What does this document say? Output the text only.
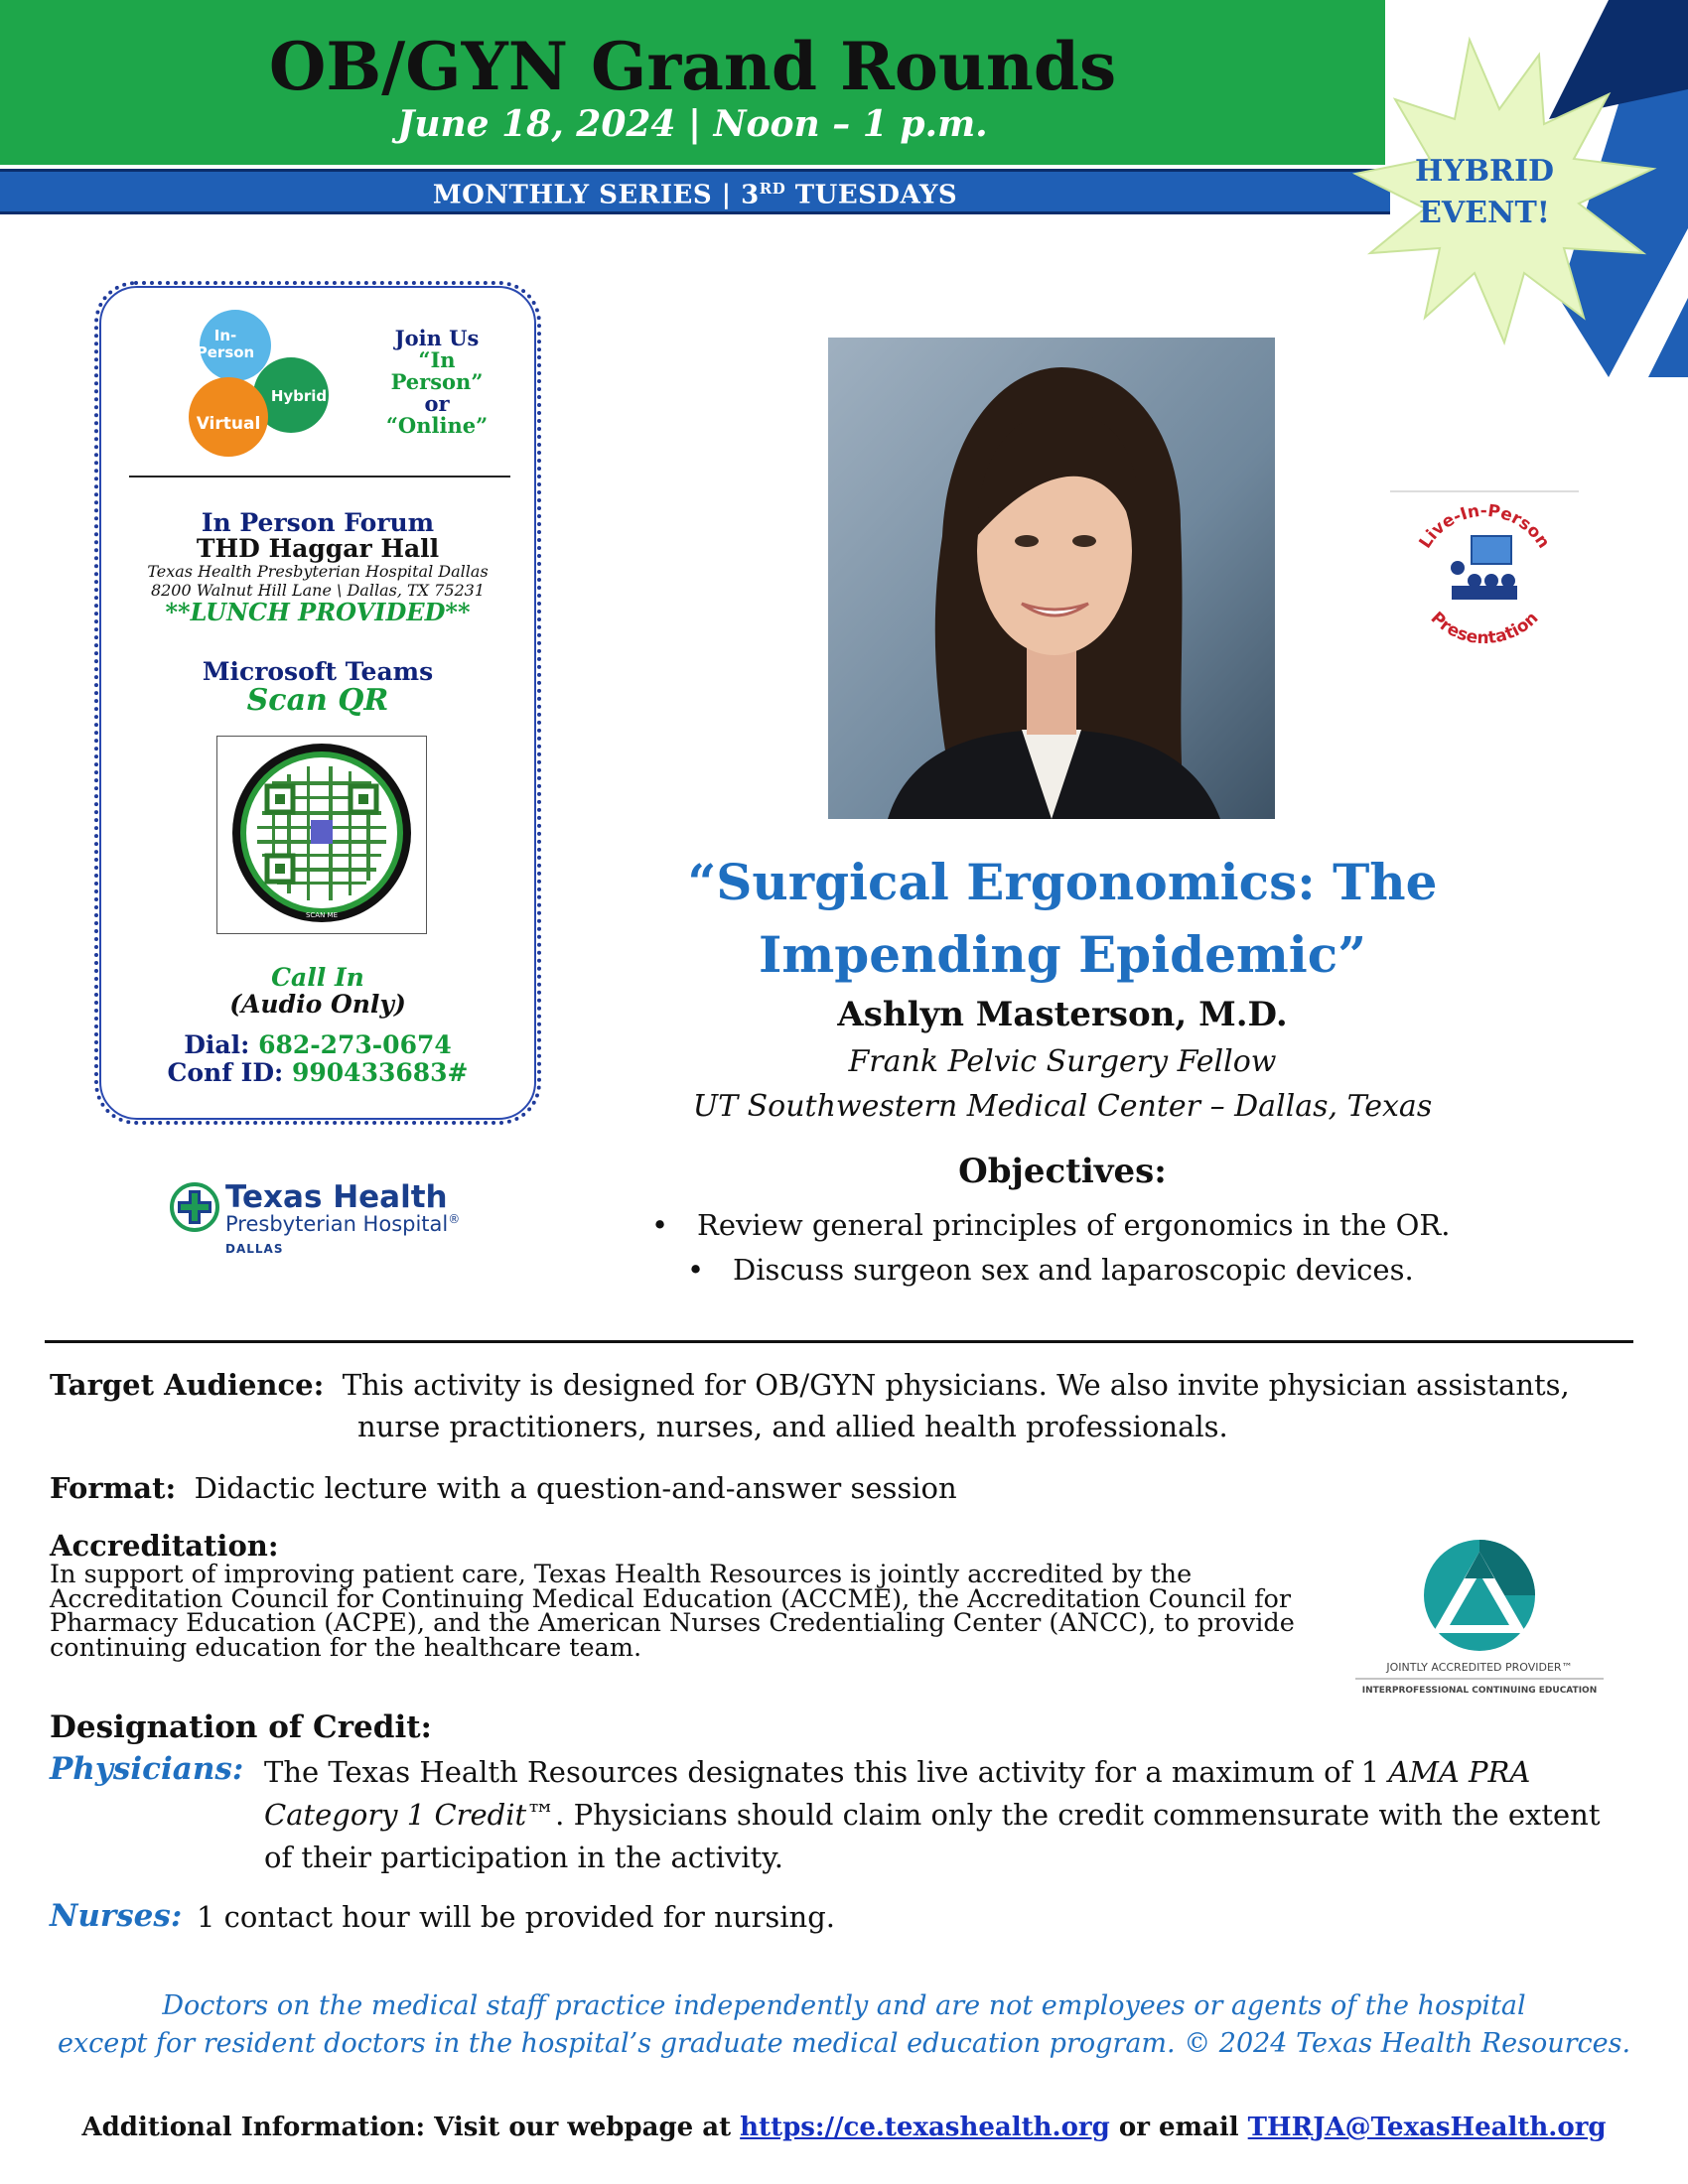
OB/GYN Grand Rounds
June 18, 2024 | Noon – 1 p.m.
MONTHLY SERIES | 3RD TUESDAYS
HYBRID
EVENT!
In-
Person
Hybrid
Virtual
Join Us
“In
Person”
or
“Online”
In Person Forum
THD Haggar Hall
Texas Health Presbyterian Hospital Dallas
8200 Walnut Hill Lane \ Dallas, TX 75231
**LUNCH PROVIDED**
Microsoft Teams
Scan QR
SCAN ME
Call In
(Audio Only)
Dial: 682-273-0674
Conf ID: 990433683#
Texas Health
Presbyterian Hospital®
DALLAS
Live-In-Person
Presentation
“Surgical Ergonomics: The
Impending Epidemic”
Ashlyn Masterson, M.D.
Frank Pelvic Surgery Fellow
UT Southwestern Medical Center – Dallas, Texas
Objectives:
• Review general principles of ergonomics in the OR.
• Discuss surgeon sex and laparoscopic devices.
Target Audience: This activity is designed for OB/GYN physicians. We also invite physician assistants,
nurse practitioners, nurses, and allied health professionals.
Format: Didactic lecture with a question-and-answer session
Accreditation:
In support of improving patient care, Texas Health Resources is jointly accredited by the Accreditation Council for Continuing Medical Education (ACCME), the Accreditation Council for Pharmacy Education (ACPE), and the American Nurses Credentialing Center (ANCC), to provide continuing education for the healthcare team.
JOINTLY ACCREDITED PROVIDER™
INTERPROFESSIONAL CONTINUING EDUCATION
Designation of Credit:
Physicians: The Texas Health Resources designates this live activity for a maximum of 1 AMA PRA Category 1 Credit™. Physicians should claim only the credit commensurate with the extent of their participation in the activity.
Nurses: 1 contact hour will be provided for nursing.
Doctors on the medical staff practice independently and are not employees or agents of the hospital
except for resident doctors in the hospital’s graduate medical education program. © 2024 Texas Health Resources.
Additional Information: Visit our webpage at https://ce.texashealth.org or email THRJA@TexasHealth.org
